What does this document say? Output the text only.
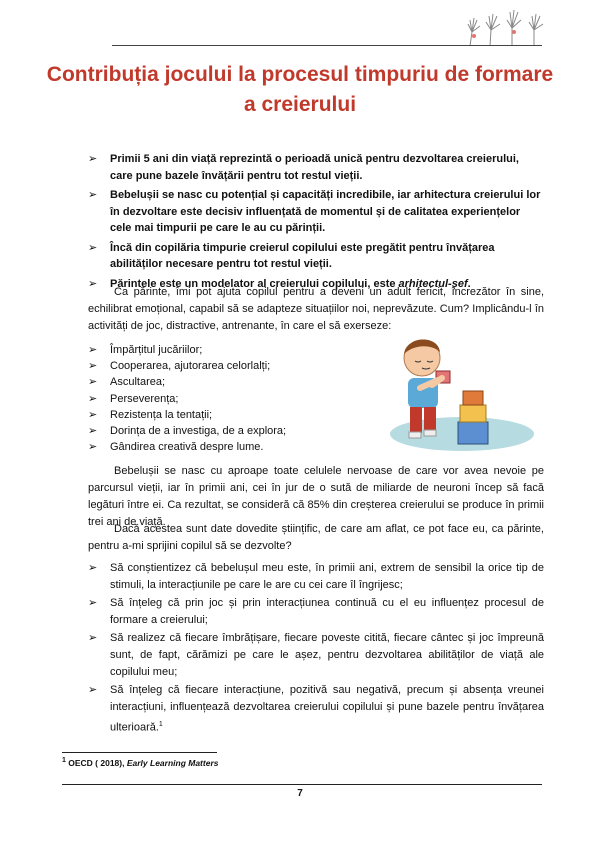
Contribuția jocului la procesul timpuriu de formare
a creierului
➢ Primii 5 ani din viață reprezintă o perioadă unică pentru dezvoltarea creierului, care pune bazele învățării pentru tot restul vieții.
➢ Bebelușii se nasc cu potențial și capacități incredibile, iar arhitectura creierului lor în dezvoltare este decisiv influențată de momentul și de calitatea experiențelor cele mai timpurii pe care le au cu părinții.
➢ Încă din copilăria timpurie creierul copilului este pregătit pentru învățarea abilităților necesare pentru tot restul vieții.
➢ Părintele este un modelator al creierului copilului, este arhitectul-șef.
Ca părinte, îmi pot ajuta copilul pentru a deveni un adult fericit, încrezător în sine, echilibrat emoțional, capabil să se adapteze situațiilor noi, neprevăzute. Cum? Implicându-l în activități de joc, distractive, antrenante, în care el să exerseze:
➢ Împărțitul jucăriilor;
➢ Cooperarea, ajutorarea celorlalți;
➢ Ascultarea;
➢ Perseverența;
➢ Rezistența la tentații;
➢ Dorința de a investiga, de a explora;
➢ Gândirea creativă despre lume.
Bebelușii se nasc cu aproape toate celulele nervoase de care vor avea nevoie pe parcursul vieții, iar în primii ani, cei în jur de o sută de miliarde de neuroni încep să facă legături între ei. Ca rezultat, se consideră că 85% din creșterea creierului se produce în primii trei ani de viață.
Dacă acestea sunt date dovedite științific, de care am aflat, ce pot face eu, ca părinte, pentru a-mi sprijini copilul să se dezvolte?
➢ Să conștientizez că bebelușul meu este, în primii ani, extrem de sensibil la orice tip de stimuli, la interacțiunile pe care le are cu cei care îl îngrijesc;
➢ Să înțeleg că prin joc și prin interacțiunea continuă cu el eu influențez procesul de formare a creierului;
➢ Să realizez că fiecare îmbrățișare, fiecare poveste citită, fiecare cântec și joc împreună sunt, de fapt, cărămizi pe care le așez, pentru dezvoltarea abilităților de viață ale copilului meu;
➢ Să înțeleg că fiecare interacțiune, pozitivă sau negativă, precum și absența vreunei interacțiuni, influențează dezvoltarea creierului copilului și pune bazele pentru învățarea ulterioară.$^1$
$^1$ OECD ( 2018), Early Learning Matters
7
